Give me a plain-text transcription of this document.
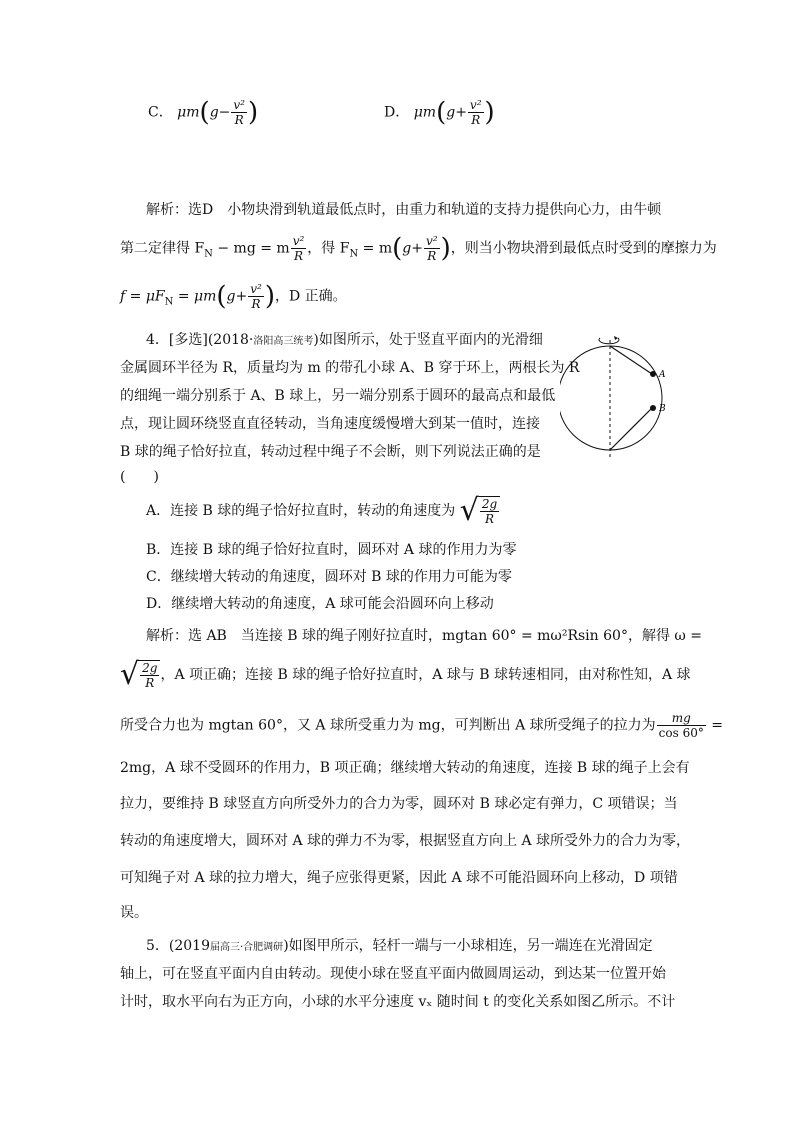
C． $\mu m(g- \frac{\text{v²}}{R}$ )	D． $\mu m(g+ \frac{\text{v²}}{R}$ )
解析：选D　小物块滑到轨道最低点时，由重力和轨道的支持力提供向心力，由牛顿
第二定律得 $F_N$ − mg = m $\frac{\text{v²}}{R}$ ，得 $F_N = m(g+ \frac{\text{v²}}{R}$ )，则当小物块滑到最低点时受到的摩擦力为
$f = \mu F_N = \mu m(g+ \frac{\text{v²}}{R}$ )，D 正确。
4．[多选](2018·洛阳高三统考)如图所示，处于竖直平面内的光滑细
金属圆环半径为 R，质量均为 m 的带孔小球 A、B 穿于环上，两根长为 R
的细绳一端分别系于 A、B 球上，另一端分别系于圆环的最高点和最低
点，现让圆环绕竖直直径转动，当角速度缓慢增大到某一值时，连接
B 球的绳子恰好拉直，转动过程中绳子不会断，则下列说法正确的是
(　　)
A
B
A．连接 B 球的绳子恰好拉直时，转动的角速度为 √ $\frac{2g}{R}$
B．连接 B 球的绳子恰好拉直时，圆环对 A 球的作用力为零
C．继续增大转动的角速度，圆环对 B 球的作用力可能为零
D．继续增大转动的角速度，A 球可能会沿圆环向上移动
解析：选 AB　当连接 B 球的绳子刚好拉直时，mgtan 60° = mω²Rsin 60°，解得 ω =
√ $\frac{2g}{R}$ ，A 项正确；连接 B 球的绳子恰好拉直时，A 球与 B 球转速相同，由对称性知，A 球
所受合力也为 mgtan 60°，又 A 球所受重力为 mg，可判断出 A 球所受绳子的拉力为 $\frac{mg}{\cos 60^\circ}$ =
2mg，A 球不受圆环的作用力，B 项正确；继续增大转动的角速度，连接 B 球的绳子上会有
拉力，要维持 B 球竖直方向所受外力的合力为零，圆环对 B 球必定有弹力，C 项错误；当
转动的角速度增大，圆环对 A 球的弹力不为零，根据竖直方向上 A 球所受外力的合力为零，
可知绳子对 A 球的拉力增大，绳子应张得更紧，因此 A 球不可能沿圆环向上移动，D 项错
误。
5．(2019届高三·合肥调研)如图甲所示，轻杆一端与一小球相连，另一端连在光滑固定
轴上，可在竖直平面内自由转动。现使小球在竖直平面内做圆周运动，到达某一位置开始
计时，取水平向右为正方向，小球的水平分速度 vₓ 随时间 t 的变化关系如图乙所示。不计
